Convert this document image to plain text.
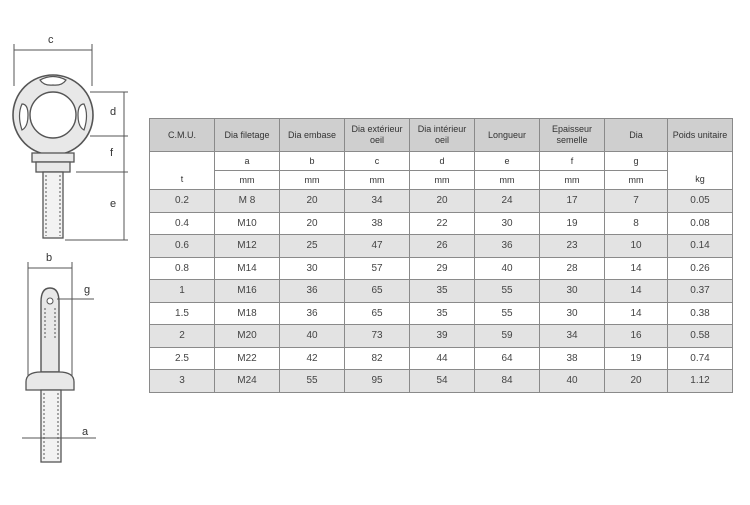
c
d
f
e
b
g
a
C.M.U.	Dia filetage	Dia embase	Dia extérieur oeil	Dia intérieur oeil	Longueur	Epaisseur semelle	Dia	Poids unitaire
	a	b	c	d	e	f	g	
t	mm	mm	mm	mm	mm	mm	mm	kg
0.2	M 8	20	34	20	24	17	7	0.05
0.4	M10	20	38	22	30	19	8	0.08
0.6	M12	25	47	26	36	23	10	0.14
0.8	M14	30	57	29	40	28	14	0.26
1	M16	36	65	35	55	30	14	0.37
1.5	M18	36	65	35	55	30	14	0.38
2	M20	40	73	39	59	34	16	0.58
2.5	M22	42	82	44	64	38	19	0.74
3	M24	55	95	54	84	40	20	1.12
